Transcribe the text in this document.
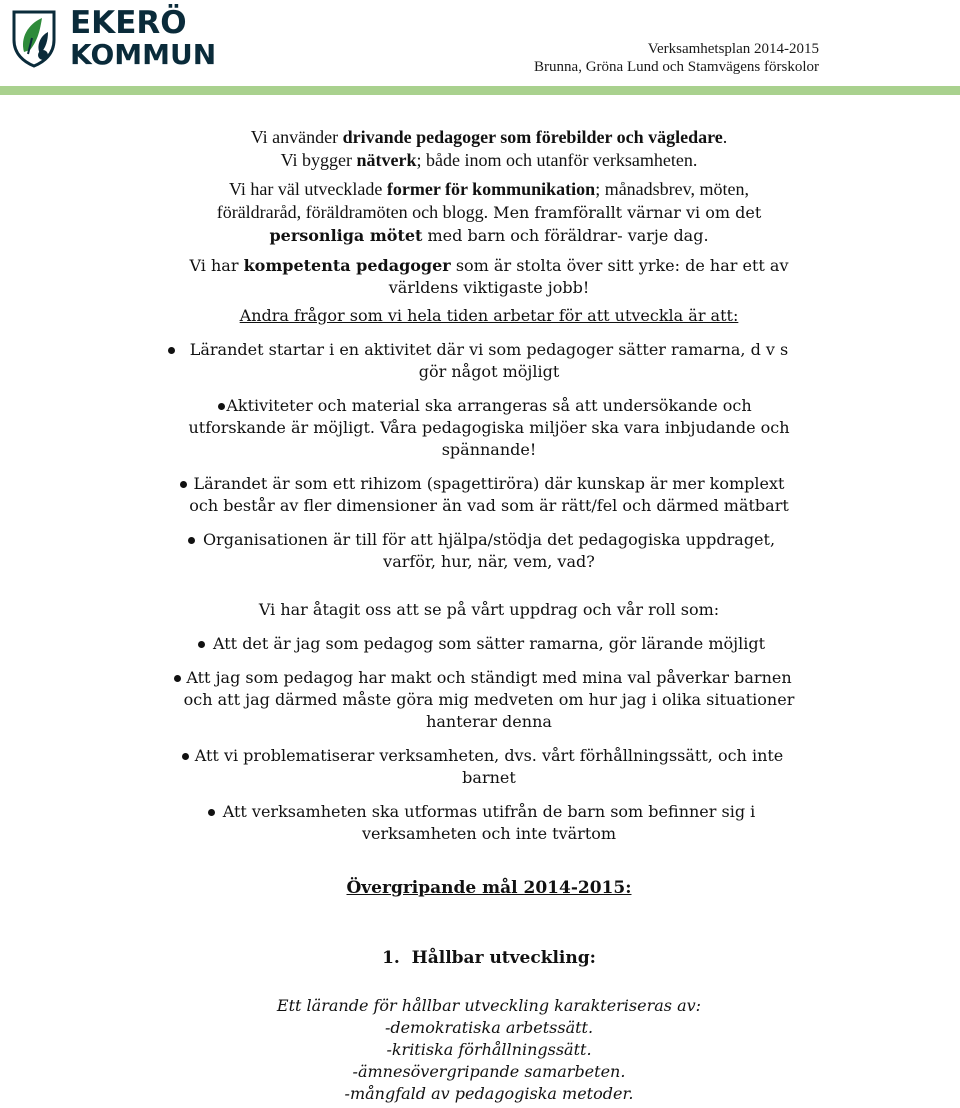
EKERÖ
KOMMUN	Verksamhetsplan 2014-2015
Brunna, Gröna Lund och Stamvägens förskolor

Vi använder drivande pedagoger som förebilder och vägledare.

Vi bygger nätverk; både inom och utanför verksamheten.

Vi har väl utvecklade former för kommunikation; månadsbrev, möten,
föräldraråd, föräldramöten och blogg. Men framförallt värnar vi om det
personliga mötet med barn och föräldrar- varje dag.

Vi har kompetenta pedagoger som är stolta över sitt yrke: de har ett av
världens viktigaste jobb!

Andra frågor som vi hela tiden arbetar för att utveckla är att:

Lärandet startar i en aktivitet där vi som pedagoger sätter ramarna, d v s
gör något möjligt
Aktiviteter och material ska arrangeras så att undersökande och
utforskande är möjligt. Våra pedagogiska miljöer ska vara inbjudande och
spännande!
Lärandet är som ett rihizom (spagettiröra) där kunskap är mer komplext
och består av fler dimensioner än vad som är rätt/fel och därmed mätbart
Organisationen är till för att hjälpa/stödja det pedagogiska uppdraget,
varför, hur, när, vem, vad?

Vi har åtagit oss att se på vårt uppdrag och vår roll som:

Att det är jag som pedagog som sätter ramarna, gör lärande möjligt
Att jag som pedagog har makt och ständigt med mina val påverkar barnen
och att jag därmed måste göra mig medveten om hur jag i olika situationer
hanterar denna
Att vi problematiserar verksamheten, dvs. vårt förhållningssätt, och inte
barnet
Att verksamheten ska utformas utifrån de barn som befinner sig i
verksamheten och inte tvärtom

Övergripande mål 2014-2015:

1. Hållbar utveckling:

Ett lärande för hållbar utveckling karakteriseras av:
-demokratiska arbetssätt.
-kritiska förhållningssätt.
-ämnesövergripande samarbeten.
-mångfald av pedagogiska metoder.
